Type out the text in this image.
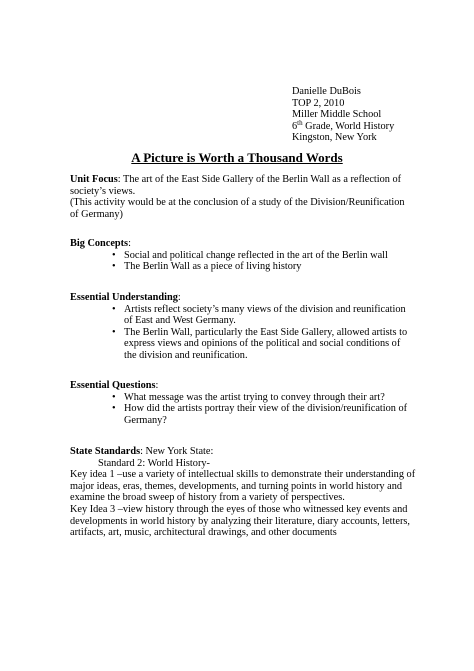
Danielle DuBois
TOP 2, 2010
Miller Middle School
6th Grade, World History
Kingston, New York
A Picture is Worth a Thousand Words
Unit Focus: The art of the East Side Gallery of the Berlin Wall as a reflection of society’s views.
(This activity would be at the conclusion of a study of the Division/Reunification of Germany)
Big Concepts:
• Social and political change reflected in the art of the Berlin wall
• The Berlin Wall as a piece of living history
Essential Understanding:
• Artists reflect society’s many views of the division and reunification of East and West Germany.
• The Berlin Wall, particularly the East Side Gallery, allowed artists to express views and opinions of the political and social conditions of the division and reunification.
Essential Questions:
• What message was the artist trying to convey through their art?
• How did the artists portray their view of the division/reunification of Germany?
State Standards: New York State:
Standard 2: World History-
Key idea 1 –use a variety of intellectual skills to demonstrate their understanding of major ideas, eras, themes, developments, and turning points in world history and examine the broad sweep of history from a variety of perspectives.
Key Idea 3 –view history through the eyes of those who witnessed key events and developments in world history by analyzing their literature, diary accounts, letters, artifacts, art, music, architectural drawings, and other documents
